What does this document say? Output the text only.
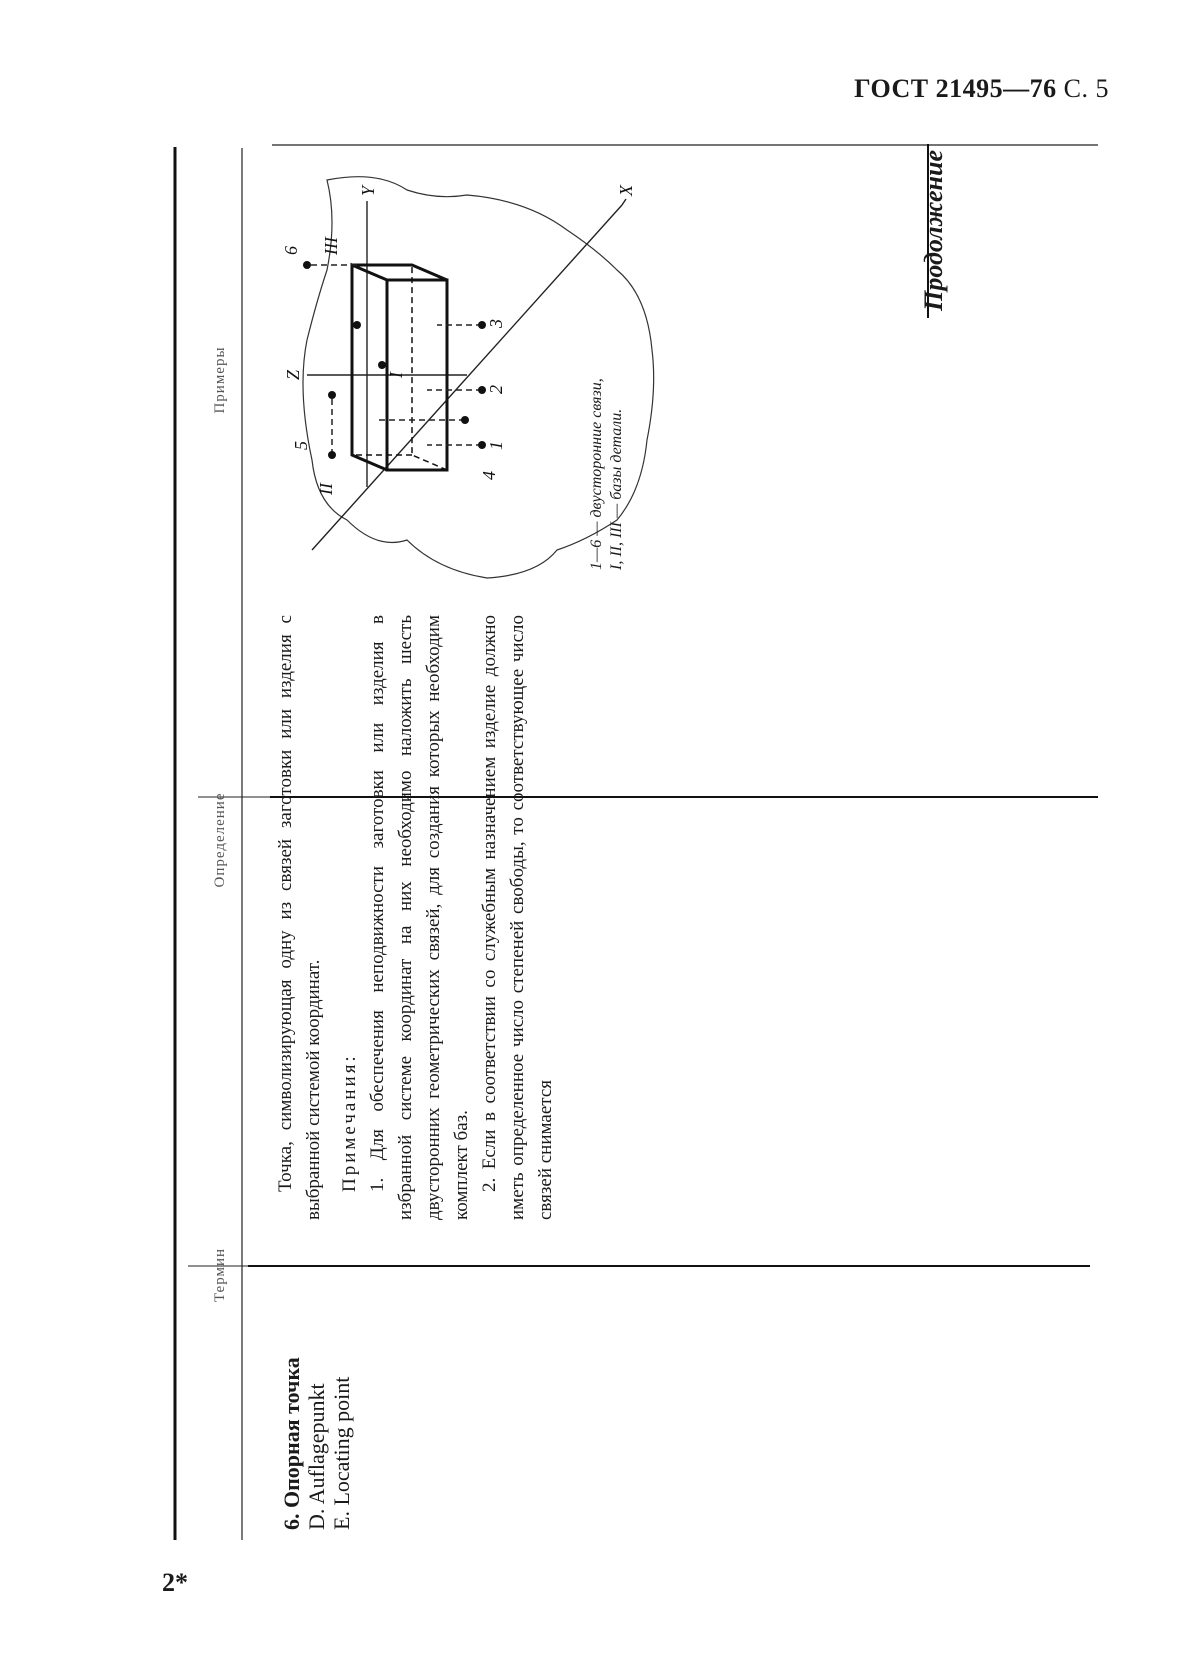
ГОСТ 21495—76 С. 5
2*
Продолжение
Термин
Определение
Примеры
6. Опорная точка D. Auflagepunkt E. Locating point

Точка, символизирующая одну из связей заготовки или изделия с выбранной системой координат. Примечания: 1. Для обеспечения неподвижности заготовки или изделия в избранной системе координат на них необходимо наложить шесть двусторонних геометрических связей, для создания которых необходим комплект баз. 2. Если в соответствии со служебным назначением изделие должно иметь определенное число степеней свободы, то соответствующее число связей снимается

X
Y
Z	I
II
III
1
2
3
4
5
6
1—6 — двусторонние связи, I, II, III — базы детали.
